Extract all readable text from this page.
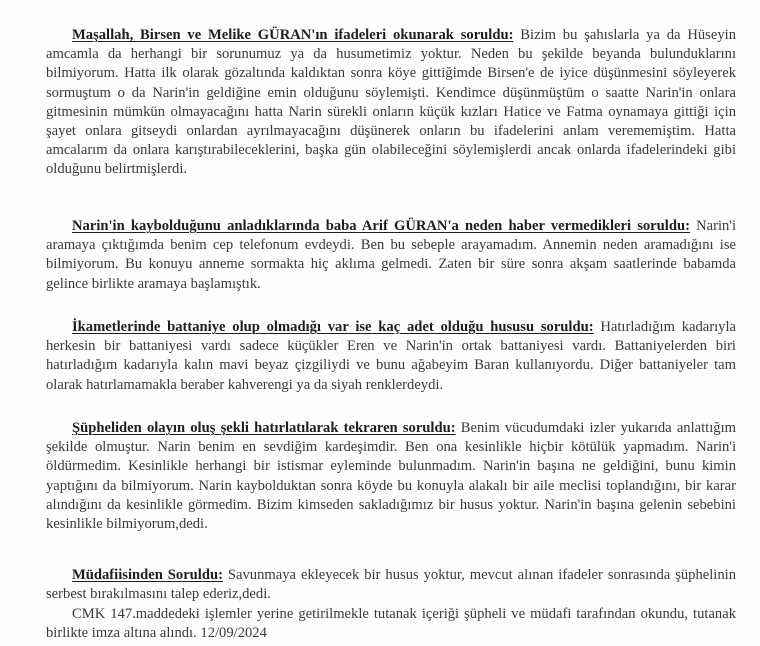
Maşallah, Birsen ve Melike GÜRAN'ın ifadeleri okunarak soruldu: Bizim bu şahıslarla ya da Hüseyin amcamla da herhangi bir sorunumuz ya da husumetimiz yoktur. Neden bu şekilde beyanda bulunduklarını bilmiyorum. Hatta ilk olarak gözaltında kaldıktan sonra köye gittiğimde Birsen'e de iyice düşünmesini söyleyerek sormuştum o da Narin'in geldiğine emin olduğunu söylemişti. Kendimce düşünmüştüm o saatte Narin'in onlara gitmesinin mümkün olmayacağını hatta Narin sürekli onların küçük kızları Hatice ve Fatma oynamaya gittiği için şayet onlara gitseydi onlardan ayrılmayacağını düşünerek onların bu ifadelerini anlam verememiştim. Hatta amcalarım da onlara karıştırabileceklerini, başka gün olabileceğini söylemişlerdi ancak onlarda ifadelerindeki gibi olduğunu belirtmişlerdi.

Narin'in kaybolduğunu anladıklarında baba Arif GÜRAN'a neden haber vermedikleri soruldu: Narin'i aramaya çıktığımda benim cep telefonum evdeydi. Ben bu sebeple arayamadım. Annemin neden aramadığını ise bilmiyorum. Bu konuyu anneme sormakta hiç aklıma gelmedi. Zaten bir süre sonra akşam saatlerinde babamda gelince birlikte aramaya başlamıştık.

İkametlerinde battaniye olup olmadığı var ise kaç adet olduğu hususu soruldu: Hatırladığım kadarıyla herkesin bir battaniyesi vardı sadece küçükler Eren ve Narin'in ortak battaniyesi vardı. Battaniyelerden biri hatırladığım kadarıyla kalın mavi beyaz çizgiliydi ve bunu ağabeyim Baran kullanıyordu. Diğer battaniyeler tam olarak hatırlamamakla beraber kahverengi ya da siyah renklerdeydi.

Şüpheliden olayın oluş şekli hatırlatılarak tekraren soruldu: Benim vücudumdaki izler yukarıda anlattığım şekilde olmuştur. Narin benim en sevdiğim kardeşimdir. Ben ona kesinlikle hiçbir kötülük yapmadım. Narin'i öldürmedim. Kesinlikle herhangi bir istismar eyleminde bulunmadım. Narin'in başına ne geldiğini, bunu kimin yaptığını da bilmiyorum. Narin kaybolduktan sonra köyde bu konuyla alakalı bir aile meclisi toplandığını, bir karar alındığını da kesinlikle görmedim. Bizim kimseden sakladığımız bir husus yoktur. Narin'in başına gelenin sebebini kesinlikle bilmiyorum,dedi.

Müdafiisinden Soruldu: Savunmaya ekleyecek bir husus yoktur, mevcut alınan ifadeler sonrasında şüphelinin serbest bırakılmasını talep ederiz,dedi.

CMK 147.maddedeki işlemler yerine getirilmekle tutanak içeriği şüpheli ve müdafi tarafından okundu, tutanak birlikte imza altına alındı. 12/09/2024
